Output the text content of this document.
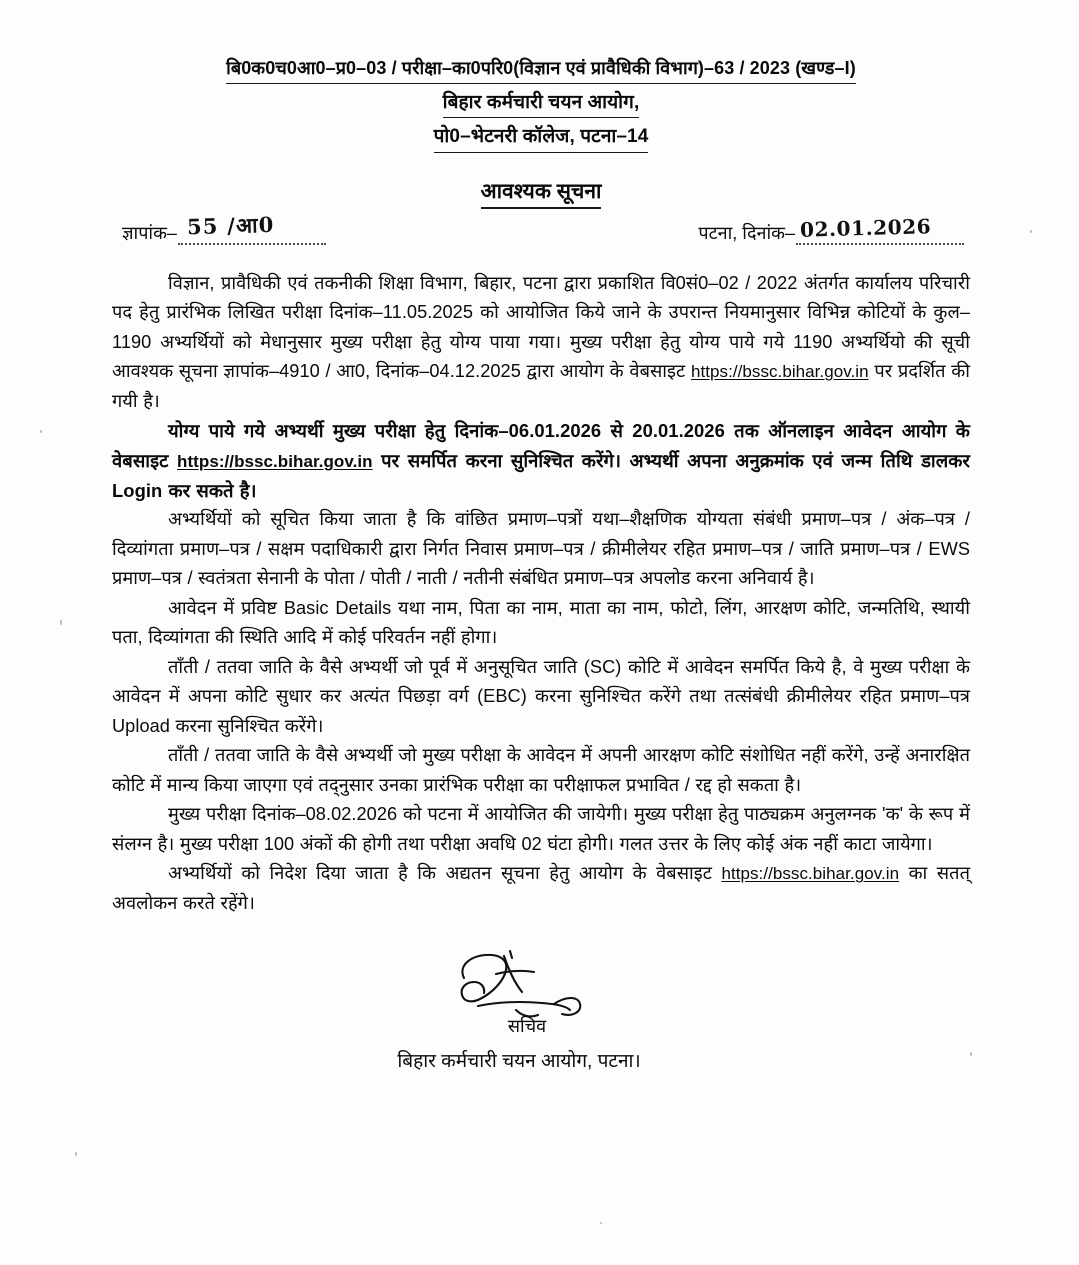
बि0क0च0आ0–प्र0–03 / परीक्षा–का0परि0(विज्ञान एवं प्रावैधिकी विभाग)–63 / 2023 (खण्ड–I)
बिहार कर्मचारी चयन आयोग,
पो0–भेटनरी कॉलेज, पटना–14
आवश्यक सूचना
ज्ञापांक– 55 /आ0	पटना, दिनांक– 02.01.2026

विज्ञान, प्रावैधिकी एवं तकनीकी शिक्षा विभाग, बिहार, पटना द्वारा प्रकाशित वि0सं0–02 / 2022 अंतर्गत कार्यालय परिचारी पद हेतु प्रारंभिक लिखित परीक्षा दिनांक–11.05.2025 को आयोजित किये जाने के उपरान्त नियमानुसार विभिन्न कोटियों के कुल–1190 अभ्यर्थियों को मेधानुसार मुख्य परीक्षा हेतु योग्य पाया गया। मुख्य परीक्षा हेतु योग्य पाये गये 1190 अभ्यर्थियो की सूची आवश्यक सूचना ज्ञापांक–4910 / आ0, दिनांक–04.12.2025 द्वारा आयोग के वेबसाइट https://bssc.bihar.gov.in पर प्रदर्शित की गयी है।

योग्य पाये गये अभ्यर्थी मुख्य परीक्षा हेतु दिनांक–06.01.2026 से 20.01.2026 तक ऑनलाइन आवेदन आयोग के वेबसाइट https://bssc.bihar.gov.in पर समर्पित करना सुनिश्चित करेंगे। अभ्यर्थी अपना अनुक्रमांक एवं जन्म तिथि डालकर Login कर सकते है।

अभ्यर्थियों को सूचित किया जाता है कि वांछित प्रमाण–पत्रों यथा–शैक्षणिक योग्यता संबंधी प्रमाण–पत्र / अंक–पत्र / दिव्यांगता प्रमाण–पत्र / सक्षम पदाधिकारी द्वारा निर्गत निवास प्रमाण–पत्र / क्रीमीलेयर रहित प्रमाण–पत्र / जाति प्रमाण–पत्र / EWS प्रमाण–पत्र / स्वतंत्रता सेनानी के पोता / पोती / नाती / नतीनी संबंधित प्रमाण–पत्र अपलोड करना अनिवार्य है।

आवेदन में प्रविष्ट Basic Details यथा नाम, पिता का नाम, माता का नाम, फोटो, लिंग, आरक्षण कोटि, जन्मतिथि, स्थायी पता, दिव्यांगता की स्थिति आदि में कोई परिवर्तन नहीं होगा।

ताँती / ततवा जाति के वैसे अभ्यर्थी जो पूर्व में अनुसूचित जाति (SC) कोटि में आवेदन समर्पित किये है, वे मुख्य परीक्षा के आवेदन में अपना कोटि सुधार कर अत्यंत पिछड़ा वर्ग (EBC) करना सुनिश्चित करेंगे तथा तत्संबंधी क्रीमीलेयर रहित प्रमाण–पत्र Upload करना सुनिश्चित करेंगे।

ताँती / ततवा जाति के वैसे अभ्यर्थी जो मुख्य परीक्षा के आवेदन में अपनी आरक्षण कोटि संशोधित नहीं करेंगे, उन्हें अनारक्षित कोटि में मान्य किया जाएगा एवं तद्नुसार उनका प्रारंभिक परीक्षा का परीक्षाफल प्रभावित / रद्द हो सकता है।

मुख्य परीक्षा दिनांक–08.02.2026 को पटना में आयोजित की जायेगी। मुख्य परीक्षा हेतु पाठ्यक्रम अनुलग्नक 'क' के रूप में संलग्न है। मुख्य परीक्षा 100 अंकों की होगी तथा परीक्षा अवधि 02 घंटा होगी। गलत उत्तर के लिए कोई अंक नहीं काटा जायेगा।

अभ्यर्थियों को निदेश दिया जाता है कि अद्यतन सूचना हेतु आयोग के वेबसाइट https://bssc.bihar.gov.in का सतत् अवलोकन करते रहेंगे।

सचिव
बिहार कर्मचारी चयन आयोग, पटना।
